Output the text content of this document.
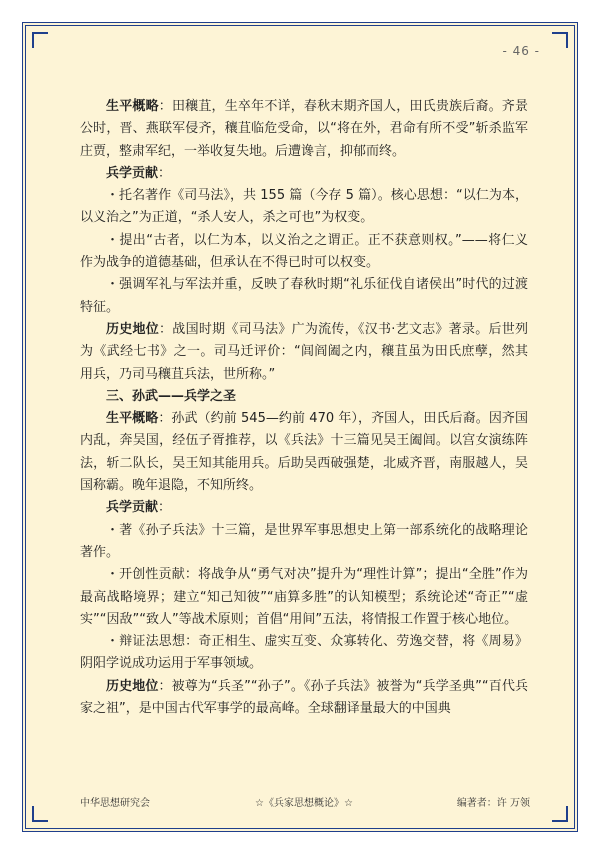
- 46 -

生平概略：田穰苴，生卒年不详，春秋末期齐国人，田氏贵族后裔。齐景公时，晋、燕联军侵齐，穰苴临危受命，以“将在外，君命有所不受”斩杀监军庄贾，整肃军纪，一举收复失地。后遭谗言，抑郁而终。

兵学贡献：

・托名著作《司马法》，共 155 篇（今存 5 篇）。核心思想：“以仁为本，以义治之”为正道，“杀人安人，杀之可也”为权变。

・提出“古者，以仁为本，以义治之之谓正。正不获意则权。”——将仁义作为战争的道德基础，但承认在不得已时可以权变。

・强调军礼与军法并重，反映了春秋时期“礼乐征伐自诸侯出”时代的过渡特征。

历史地位：战国时期《司马法》广为流传，《汉书·艺文志》著录。后世列为《武经七书》之一。司马迁评价：“闾阎阖之内，穰苴虽为田氏庶孽，然其用兵，乃司马穰苴兵法，世所称。”

三、孙武——兵学之圣

生平概略：孙武（约前 545—约前 470 年），齐国人，田氏后裔。因齐国内乱，奔吴国，经伍子胥推荐，以《兵法》十三篇见吴王阖闾。以宫女演练阵法，斩二队长，吴王知其能用兵。后助吴西破强楚，北威齐晋，南服越人，吴国称霸。晚年退隐，不知所终。

兵学贡献：

・著《孙子兵法》十三篇，是世界军事思想史上第一部系统化的战略理论著作。

・开创性贡献：将战争从“勇气对决”提升为“理性计算”；提出“全胜”作为最高战略境界；建立“知己知彼”“庙算多胜”的认知模型；系统论述“奇正”“虚实”“因敌”“致人”等战术原则；首倡“用间”五法，将情报工作置于核心地位。

・辩证法思想：奇正相生、虚实互变、众寡转化、劳逸交替，将《周易》阴阳学说成功运用于军事领域。

历史地位：被尊为“兵圣”“孙子”。《孙子兵法》被誉为“兵学圣典”“百代兵家之祖”，是中国古代军事学的最高峰。全球翻译量最大的中国典

中华思想研究会	☆《兵家思想概论》☆	编著者：许 万领
